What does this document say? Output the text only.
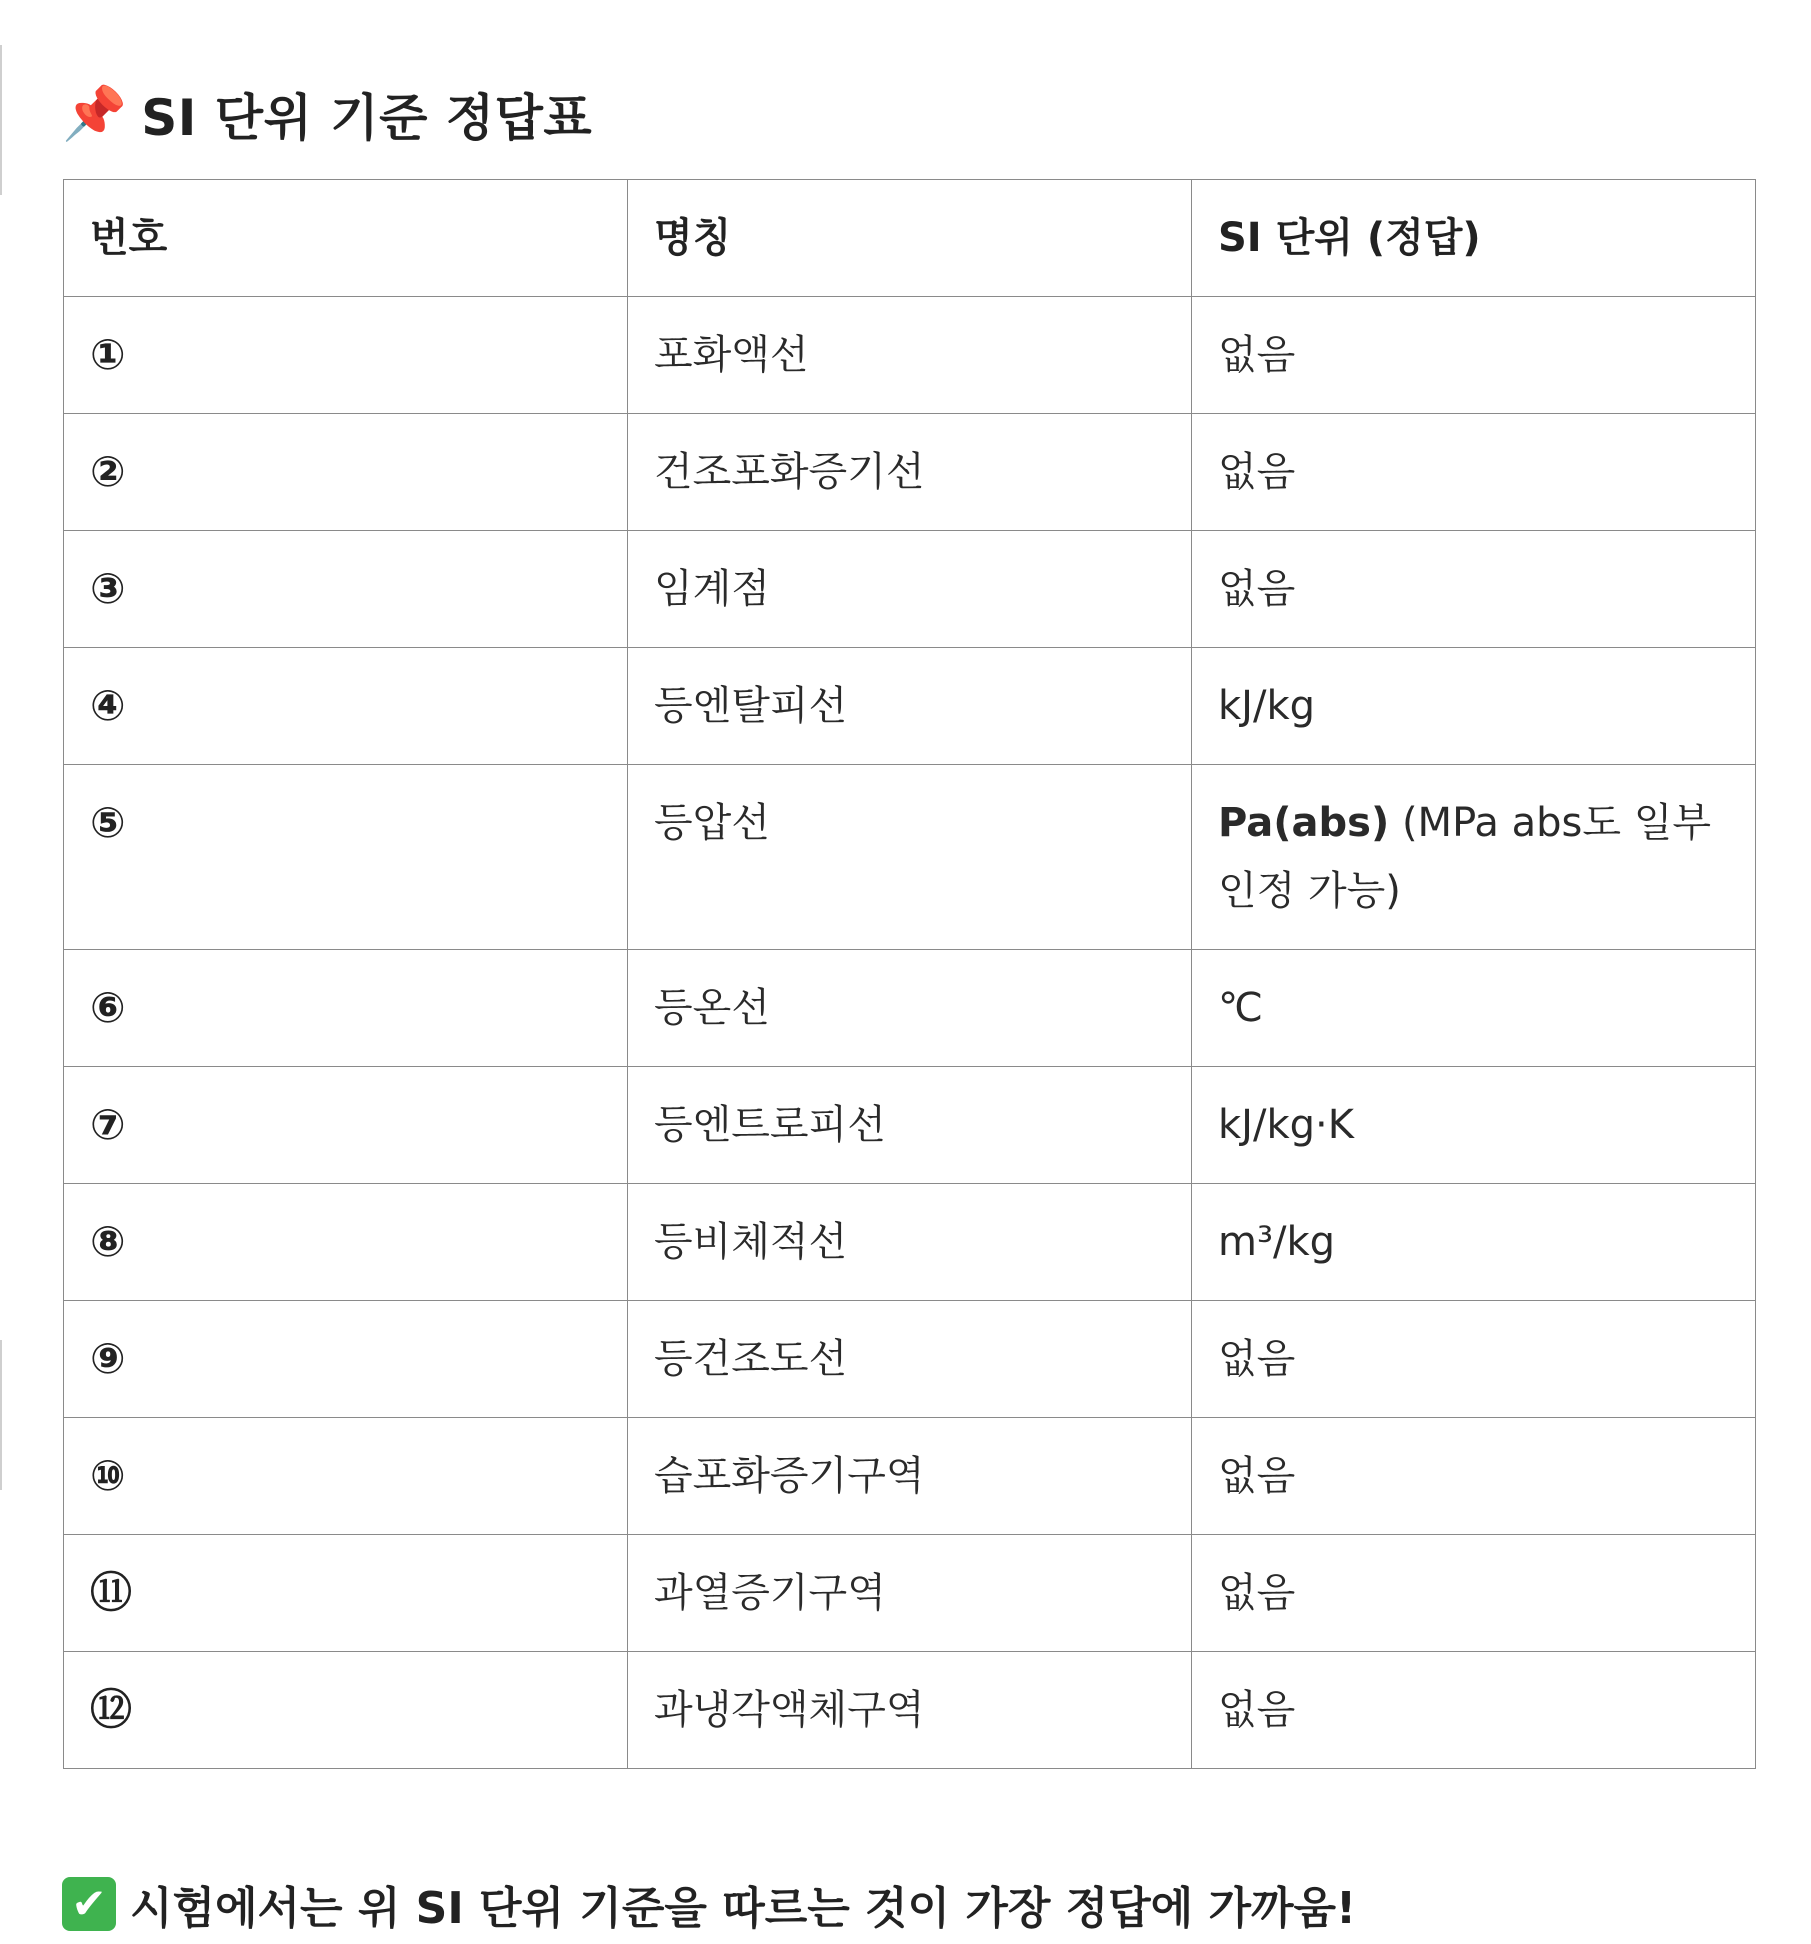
📌 SI 단위 기준 정답표
번호	명칭	SI 단위 (정답)
①	포화액선	없음
②	건조포화증기선	없음
③	임계점	없음
④	등엔탈피선	kJ/kg
⑤	등압선	Pa(abs) (MPa abs도 일부 인정 가능)
⑥	등온선	℃
⑦	등엔트로피선	kJ/kg·K
⑧	등비체적선	m³/kg
⑨	등건조도선	없음
⑩	습포화증기구역	없음
⑪	과열증기구역	없음
⑫	과냉각액체구역	없음

✔ 시험에서는 위 SI 단위 기준을 따르는 것이 가장 정답에 가까움!
